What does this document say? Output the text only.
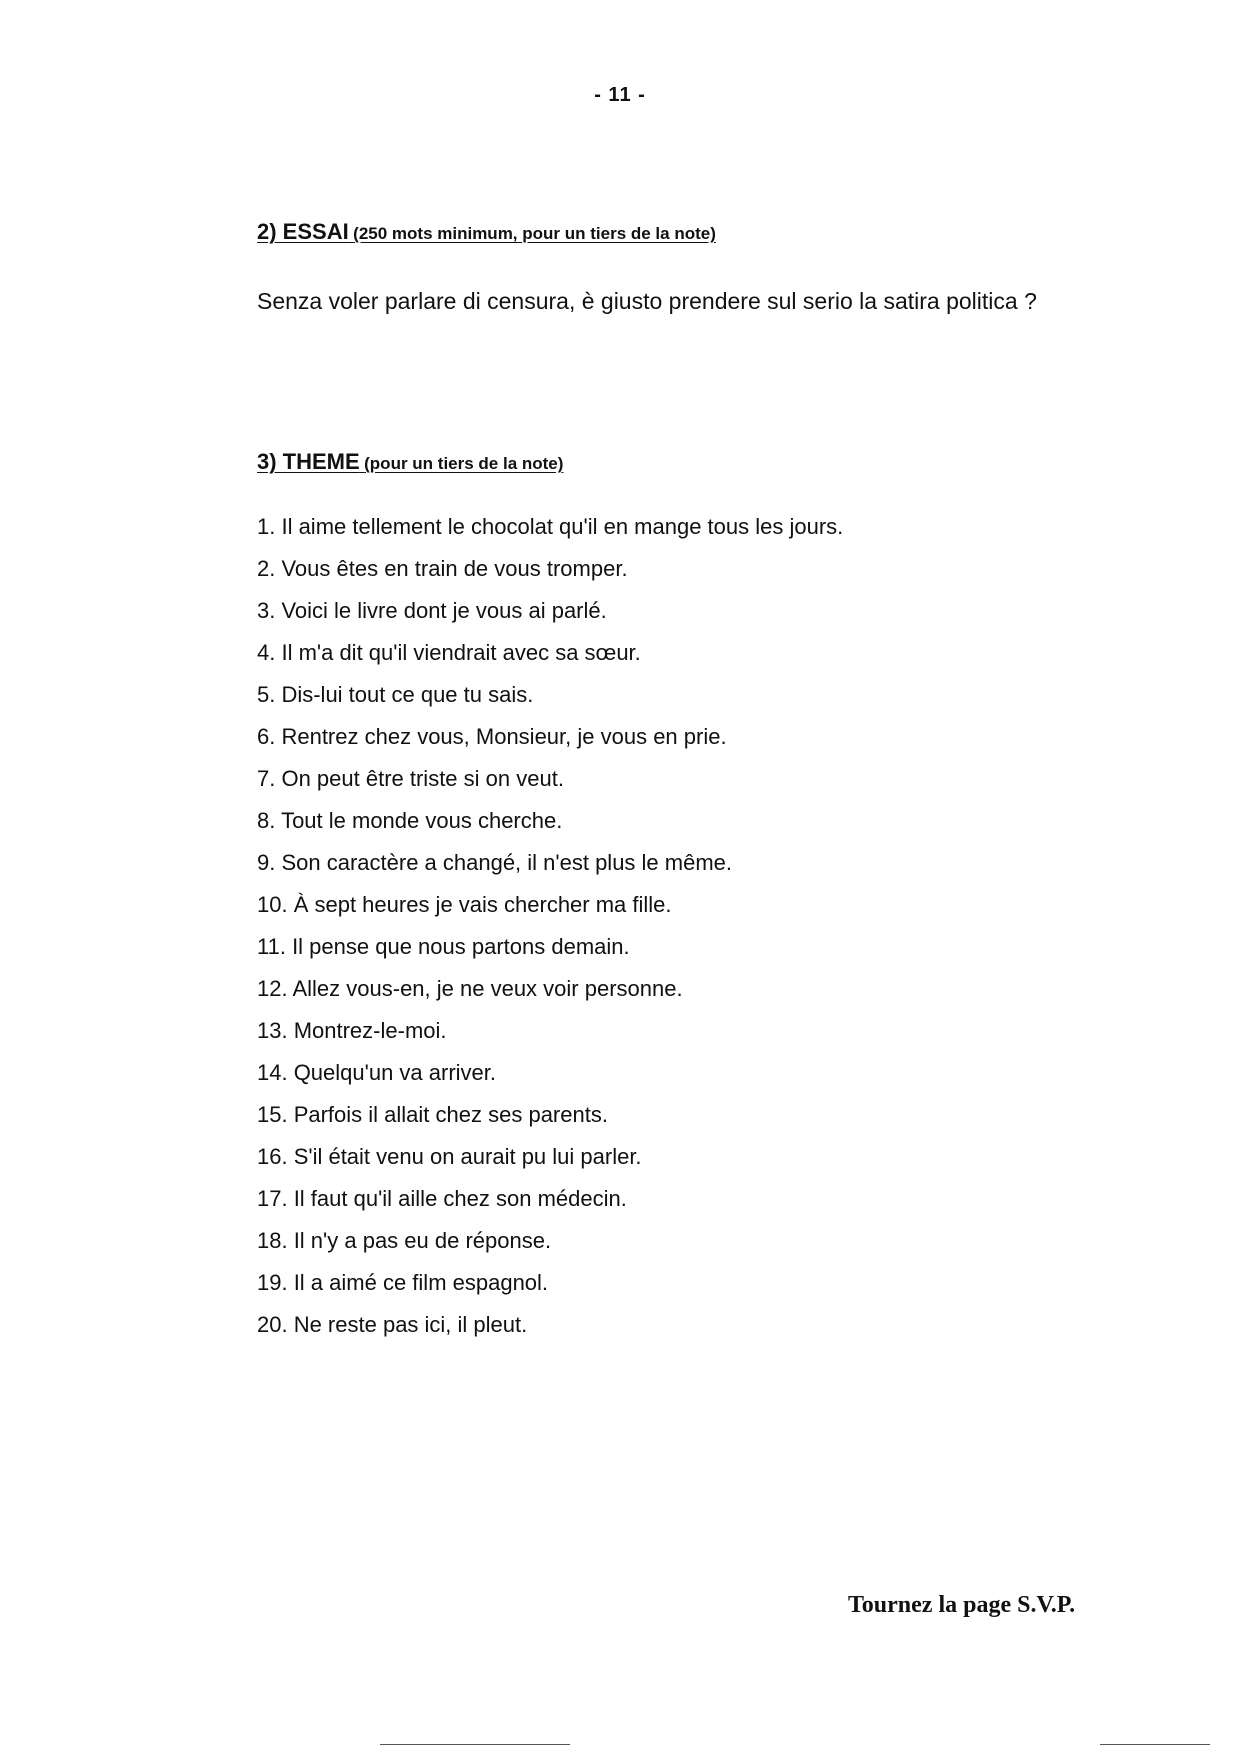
- 11 -
2) ESSAI (250 mots minimum, pour un tiers de la note)

Senza voler parlare di censura, è giusto prendere sul serio la satira politica ?

3) THEME (pour un tiers de la note)
1. Il aime tellement le chocolat qu'il en mange tous les jours.
2. Vous êtes en train de vous tromper.
3. Voici le livre dont je vous ai parlé.
4. Il m'a dit qu'il viendrait avec sa sœur.
5. Dis-lui tout ce que tu sais.
6. Rentrez chez vous, Monsieur, je vous en prie.
7. On peut être triste si on veut.
8. Tout le monde vous cherche.
9. Son caractère a changé, il n'est plus le même.
10. À sept heures je vais chercher ma fille.
11. Il pense que nous partons demain.
12. Allez vous-en, je ne veux voir personne.
13. Montrez-le-moi.
14. Quelqu'un va arriver.
15. Parfois il allait chez ses parents.
16. S'il était venu on aurait pu lui parler.
17. Il faut qu'il aille chez son médecin.
18. Il n'y a pas eu de réponse.
19. Il a aimé ce film espagnol.
20. Ne reste pas ici, il pleut.
Tournez la page S.V.P.
